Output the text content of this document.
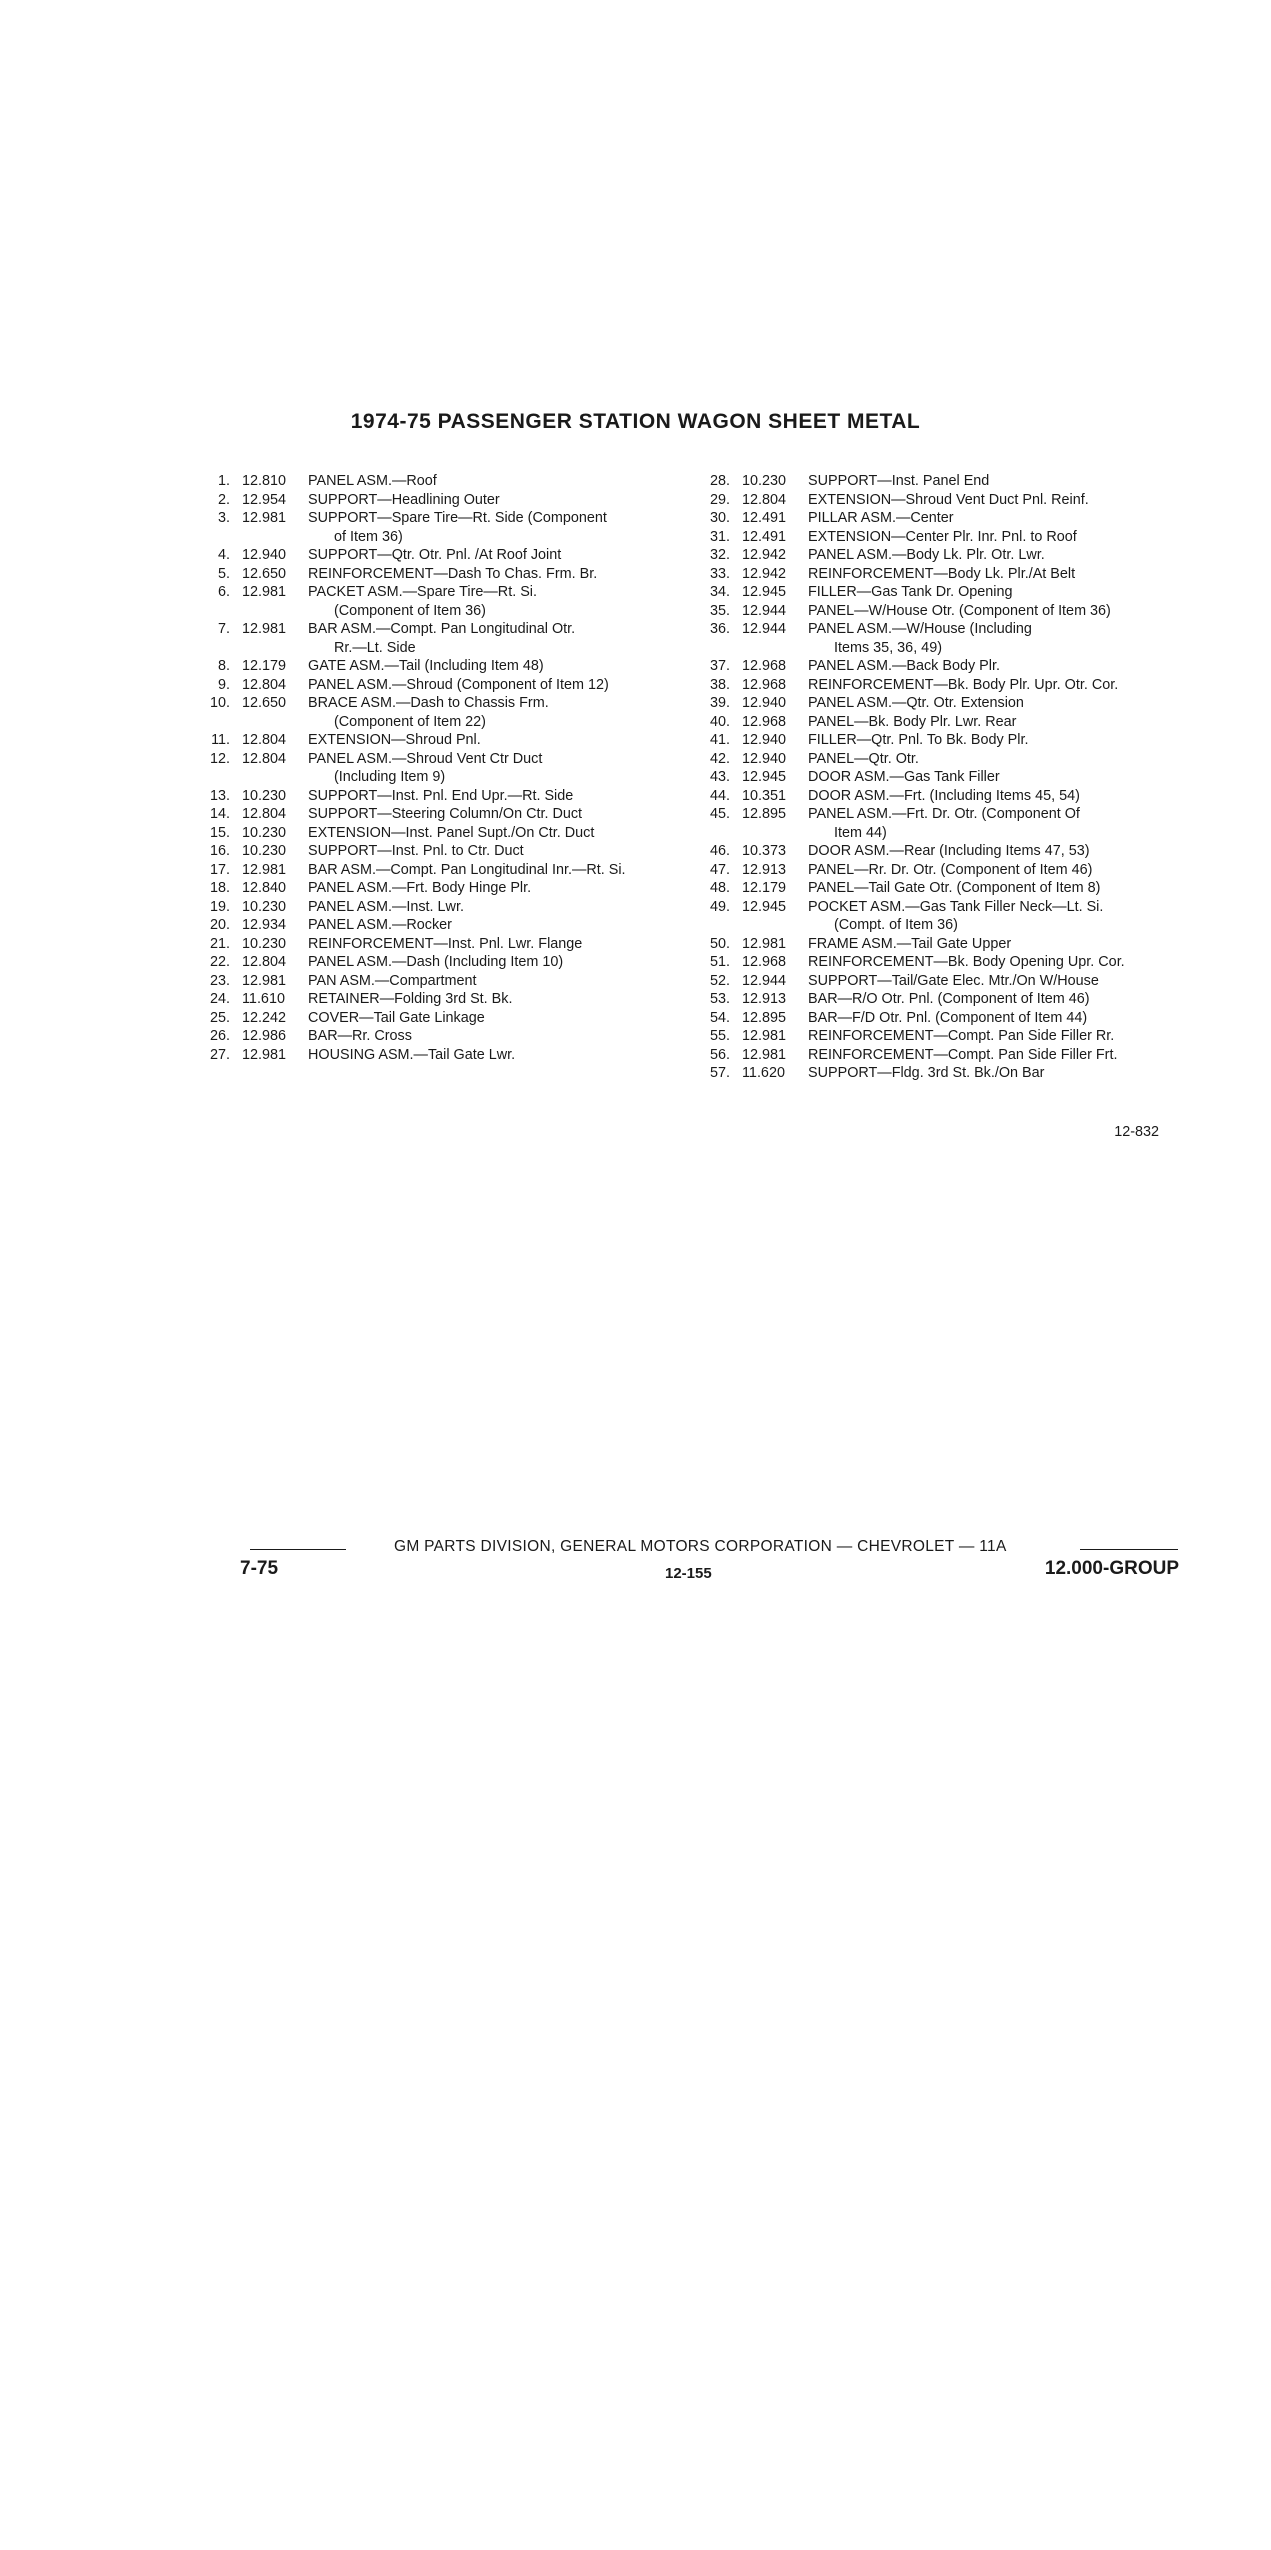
1974-75 PASSENGER STATION WAGON SHEET METAL
1. 12.810	PANEL ASM.—Roof
2. 12.954	SUPPORT—Headlining Outer
3. 12.981	SUPPORT—Spare Tire—Rt. Side (Component
of Item 36)
4. 12.940	SUPPORT—Qtr. Otr. Pnl. /At Roof Joint
5. 12.650	REINFORCEMENT—Dash To Chas. Frm. Br.
6. 12.981	PACKET ASM.—Spare Tire—Rt. Si.
(Component of Item 36)
7. 12.981	BAR ASM.—Compt. Pan Longitudinal Otr.
Rr.—Lt. Side
8. 12.179	GATE ASM.—Tail (Including Item 48)
9. 12.804	PANEL ASM.—Shroud (Component of Item 12)
10. 12.650	BRACE ASM.—Dash to Chassis Frm.
(Component of Item 22)
11. 12.804	EXTENSION—Shroud Pnl.
12. 12.804	PANEL ASM.—Shroud Vent Ctr Duct
(Including Item 9)
13. 10.230	SUPPORT—Inst. Pnl. End Upr.—Rt. Side
14. 12.804	SUPPORT—Steering Column/On Ctr. Duct
15. 10.230	EXTENSION—Inst. Panel Supt./On Ctr. Duct
16. 10.230	SUPPORT—Inst. Pnl. to Ctr. Duct
17. 12.981	BAR ASM.—Compt. Pan Longitudinal Inr.—Rt. Si.
18. 12.840	PANEL ASM.—Frt. Body Hinge Plr.
19. 10.230	PANEL ASM.—Inst. Lwr.
20. 12.934	PANEL ASM.—Rocker
21. 10.230	REINFORCEMENT—Inst. Pnl. Lwr. Flange
22. 12.804	PANEL ASM.—Dash (Including Item 10)
23. 12.981	PAN ASM.—Compartment
24. 11.610	RETAINER—Folding 3rd St. Bk.
25. 12.242	COVER—Tail Gate Linkage
26. 12.986	BAR—Rr. Cross
27. 12.981	HOUSING ASM.—Tail Gate Lwr.
28. 10.230	SUPPORT—Inst. Panel End
29. 12.804	EXTENSION—Shroud Vent Duct Pnl. Reinf.
30. 12.491	PILLAR ASM.—Center
31. 12.491	EXTENSION—Center Plr. Inr. Pnl. to Roof
32. 12.942	PANEL ASM.—Body Lk. Plr. Otr. Lwr.
33. 12.942	REINFORCEMENT—Body Lk. Plr./At Belt
34. 12.945	FILLER—Gas Tank Dr. Opening
35. 12.944	PANEL—W/House Otr. (Component of Item 36)
36. 12.944	PANEL ASM.—W/House (Including
Items 35, 36, 49)
37. 12.968	PANEL ASM.—Back Body Plr.
38. 12.968	REINFORCEMENT—Bk. Body Plr. Upr. Otr. Cor.
39. 12.940	PANEL ASM.—Qtr. Otr. Extension
40. 12.968	PANEL—Bk. Body Plr. Lwr. Rear
41. 12.940	FILLER—Qtr. Pnl. To Bk. Body Plr.
42. 12.940	PANEL—Qtr. Otr.
43. 12.945	DOOR ASM.—Gas Tank Filler
44. 10.351	DOOR ASM.—Frt. (Including Items 45, 54)
45. 12.895	PANEL ASM.—Frt. Dr. Otr. (Component Of
Item 44)
46. 10.373	DOOR ASM.—Rear (Including Items 47, 53)
47. 12.913	PANEL—Rr. Dr. Otr. (Component of Item 46)
48. 12.179	PANEL—Tail Gate Otr. (Component of Item 8)
49. 12.945	POCKET ASM.—Gas Tank Filler Neck—Lt. Si.
(Compt. of Item 36)
50. 12.981	FRAME ASM.—Tail Gate Upper
51. 12.968	REINFORCEMENT—Bk. Body Opening Upr. Cor.
52. 12.944	SUPPORT—Tail/Gate Elec. Mtr./On W/House
53. 12.913	BAR—R/O Otr. Pnl. (Component of Item 46)
54. 12.895	BAR—F/D Otr. Pnl. (Component of Item 44)
55. 12.981	REINFORCEMENT—Compt. Pan Side Filler Rr.
56. 12.981	REINFORCEMENT—Compt. Pan Side Filler Frt.
57. 11.620	SUPPORT—Fldg. 3rd St. Bk./On Bar
12-832
GM PARTS DIVISION, GENERAL MOTORS CORPORATION — CHEVROLET — 11A
7-75	12-155	12.000-GROUP
